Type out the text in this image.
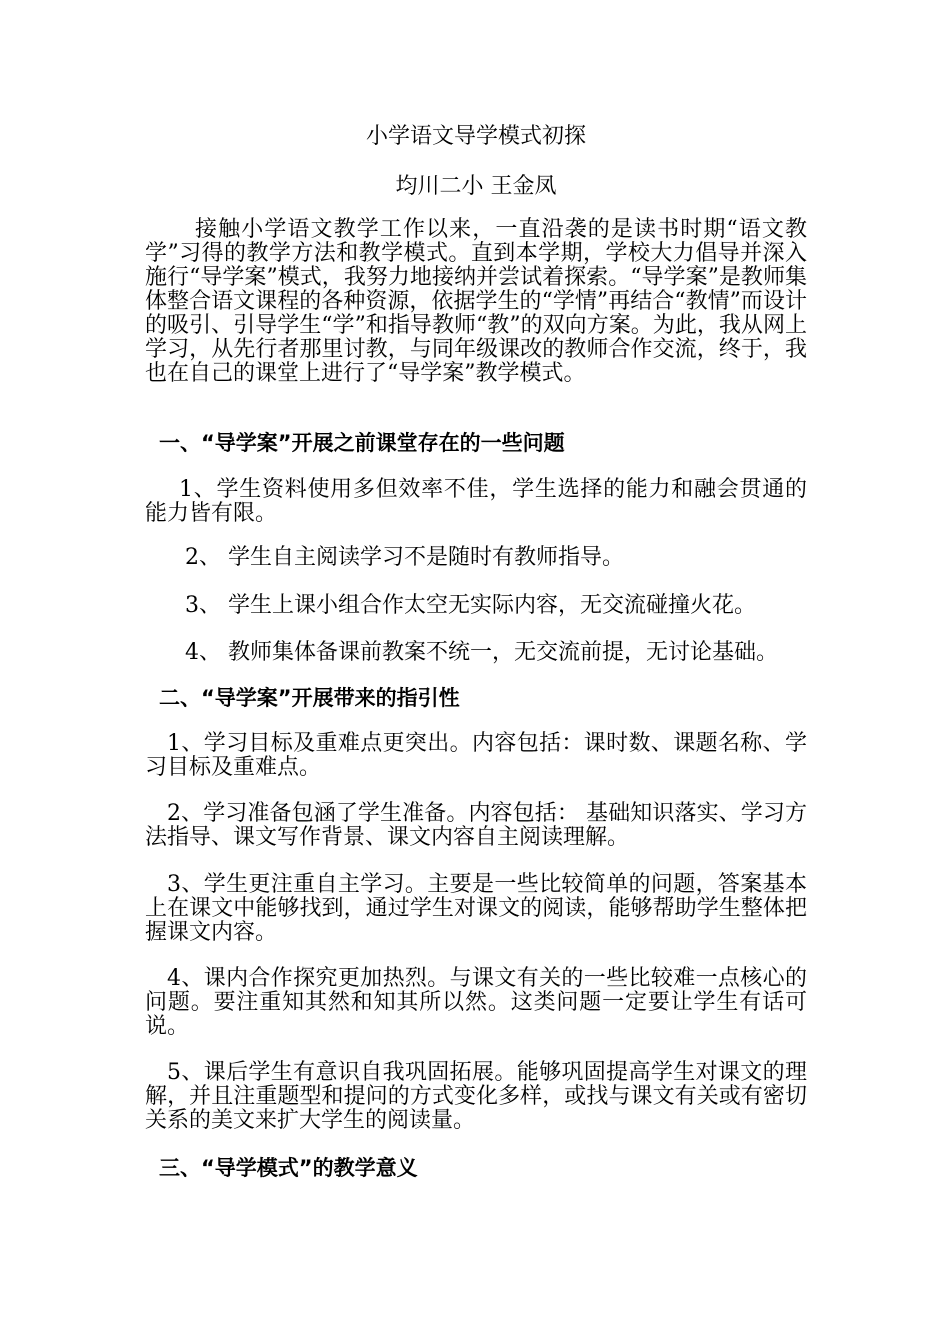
小学语文导学模式初探
均川二小 王金凤
接触小学语文教学工作以来，一直沿袭的是读书时期“语文教学”习得的教学方法和教学模式。直到本学期，学校大力倡导并深入施行“导学案”模式，我努力地接纳并尝试着探索。“导学案”是教师集体整合语文课程的各种资源，依据学生的“学情”再结合“教情”而设计的吸引、引导学生“学”和指导教师“教”的双向方案。为此，我从网上学习，从先行者那里讨教，与同年级课改的教师合作交流，终于，我也在自己的课堂上进行了“导学案”教学模式。
一、“导学案”开展之前课堂存在的一些问题
1、学生资料使用多但效率不佳，学生选择的能力和融会贯通的能力皆有限。
2、 学生自主阅读学习不是随时有教师指导。
3、 学生上课小组合作太空无实际内容，无交流碰撞火花。
4、 教师集体备课前教案不统一，无交流前提，无讨论基础。
二、“导学案”开展带来的指引性
1、学习目标及重难点更突出。内容包括：课时数、课题名称、学习目标及重难点。
2、学习准备包涵了学生准备。内容包括： 基础知识落实、学习方法指导、课文写作背景、课文内容自主阅读理解。
3、学生更注重自主学习。主要是一些比较简单的问题，答案基本上在课文中能够找到，通过学生对课文的阅读，能够帮助学生整体把握课文内容。
4、课内合作探究更加热烈。与课文有关的一些比较难一点核心的问题。要注重知其然和知其所以然。这类问题一定要让学生有话可说。
5、课后学生有意识自我巩固拓展。能够巩固提高学生对课文的理解，并且注重题型和提问的方式变化多样，或找与课文有关或有密切关系的美文来扩大学生的阅读量。
三、“导学模式”的教学意义
